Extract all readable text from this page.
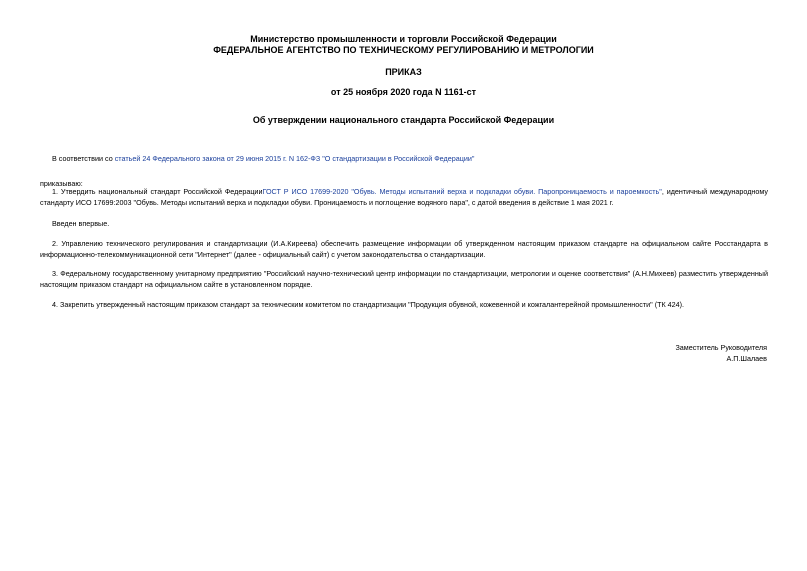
Министерство промышленности и торговли Российской Федерации
ФЕДЕРАЛЬНОЕ АГЕНТСТВО ПО ТЕХНИЧЕСКОМУ РЕГУЛИРОВАНИЮ И МЕТРОЛОГИИ
ПРИКАЗ
от 25 ноября 2020 года N 1161-ст
Об утверждении национального стандарта Российской Федерации
В соответствии со статьей 24 Федерального закона от 29 июня 2015 г. N 162-ФЗ "О стандартизации в Российской Федерации"
приказываю:
1. Утвердить национальный стандарт Российской ФедерацииГОСТ Р ИСО 17699-2020 "Обувь. Методы испытаний верха и подкладки обуви. Паропроницаемость и пароемкость", идентичный международному стандарту ИСО 17699:2003 "Обувь. Методы испытаний верха и подкладки обуви. Проницаемость и поглощение водяного пара", с датой введения в действие 1 мая 2021 г.
Введен впервые.
2. Управлению технического регулирования и стандартизации (И.А.Киреева) обеспечить размещение информации об утвержденном настоящим приказом стандарте на официальном сайте Росстандарта в информационно-телекоммуникационной сети "Интернет" (далее - официальный сайт) с учетом законодательства о стандартизации.
3. Федеральному государственному унитарному предприятию "Российский научно-технический центр информации по стандартизации, метрологии и оценке соответствия" (А.Н.Михеев) разместить утвержденный настоящим приказом стандарт на официальном сайте в установленном порядке.
4. Закрепить утвержденный настоящим приказом стандарт за техническим комитетом по стандартизации "Продукция обувной, кожевенной и кожгалантерейной промышленности" (ТК 424).
Заместитель Руководителя
А.П.Шалаев
